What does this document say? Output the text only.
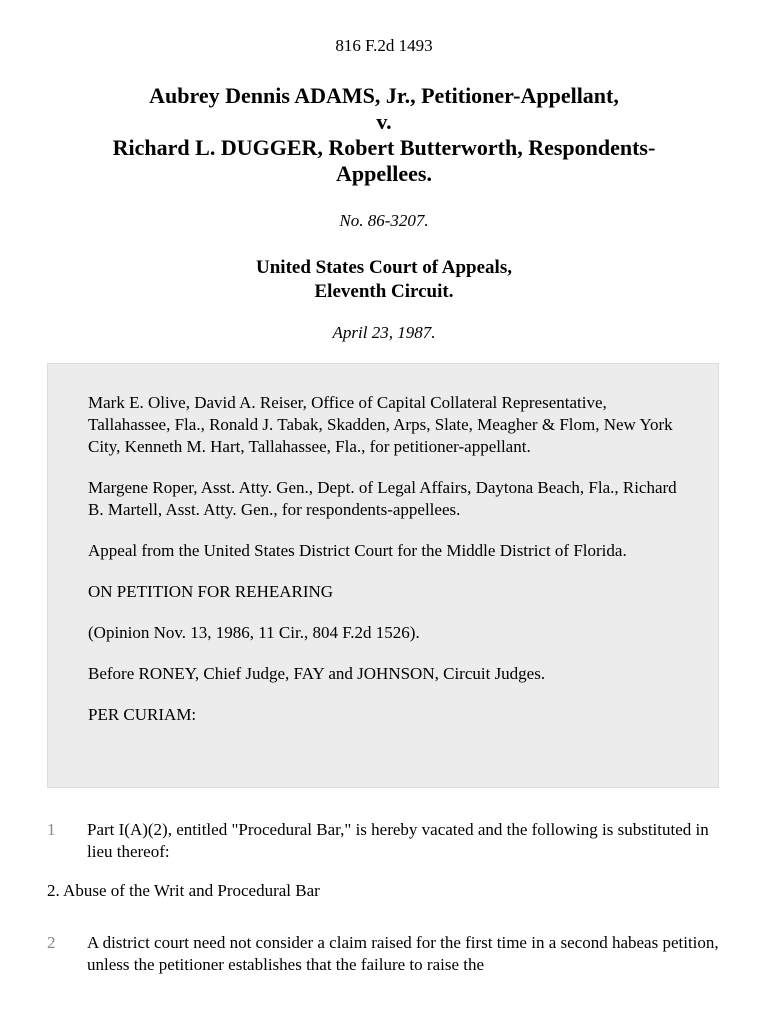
816 F.2d 1493
Aubrey Dennis ADAMS, Jr., Petitioner-Appellant,
v.
Richard L. DUGGER, Robert Butterworth, Respondents-
Appellees.
No. 86-3207.
United States Court of Appeals,
Eleventh Circuit.
April 23, 1987.

Mark E. Olive, David A. Reiser, Office of Capital Collateral Representative, Tallahassee, Fla., Ronald J. Tabak, Skadden, Arps, Slate, Meagher & Flom, New York City, Kenneth M. Hart, Tallahassee, Fla., for petitioner-appellant.

Margene Roper, Asst. Atty. Gen., Dept. of Legal Affairs, Daytona Beach, Fla., Richard B. Martell, Asst. Atty. Gen., for respondents-appellees.

Appeal from the United States District Court for the Middle District of Florida.

ON PETITION FOR REHEARING

(Opinion Nov. 13, 1986, 11 Cir., 804 F.2d 1526).

Before RONEY, Chief Judge, FAY and JOHNSON, Circuit Judges.

PER CURIAM:

1 Part I(A)(2), entitled "Procedural Bar," is hereby vacated and the following is substituted in lieu thereof:
2. Abuse of the Writ and Procedural Bar
2 A district court need not consider a claim raised for the first time in a second habeas petition, unless the petitioner establishes that the failure to raise the
